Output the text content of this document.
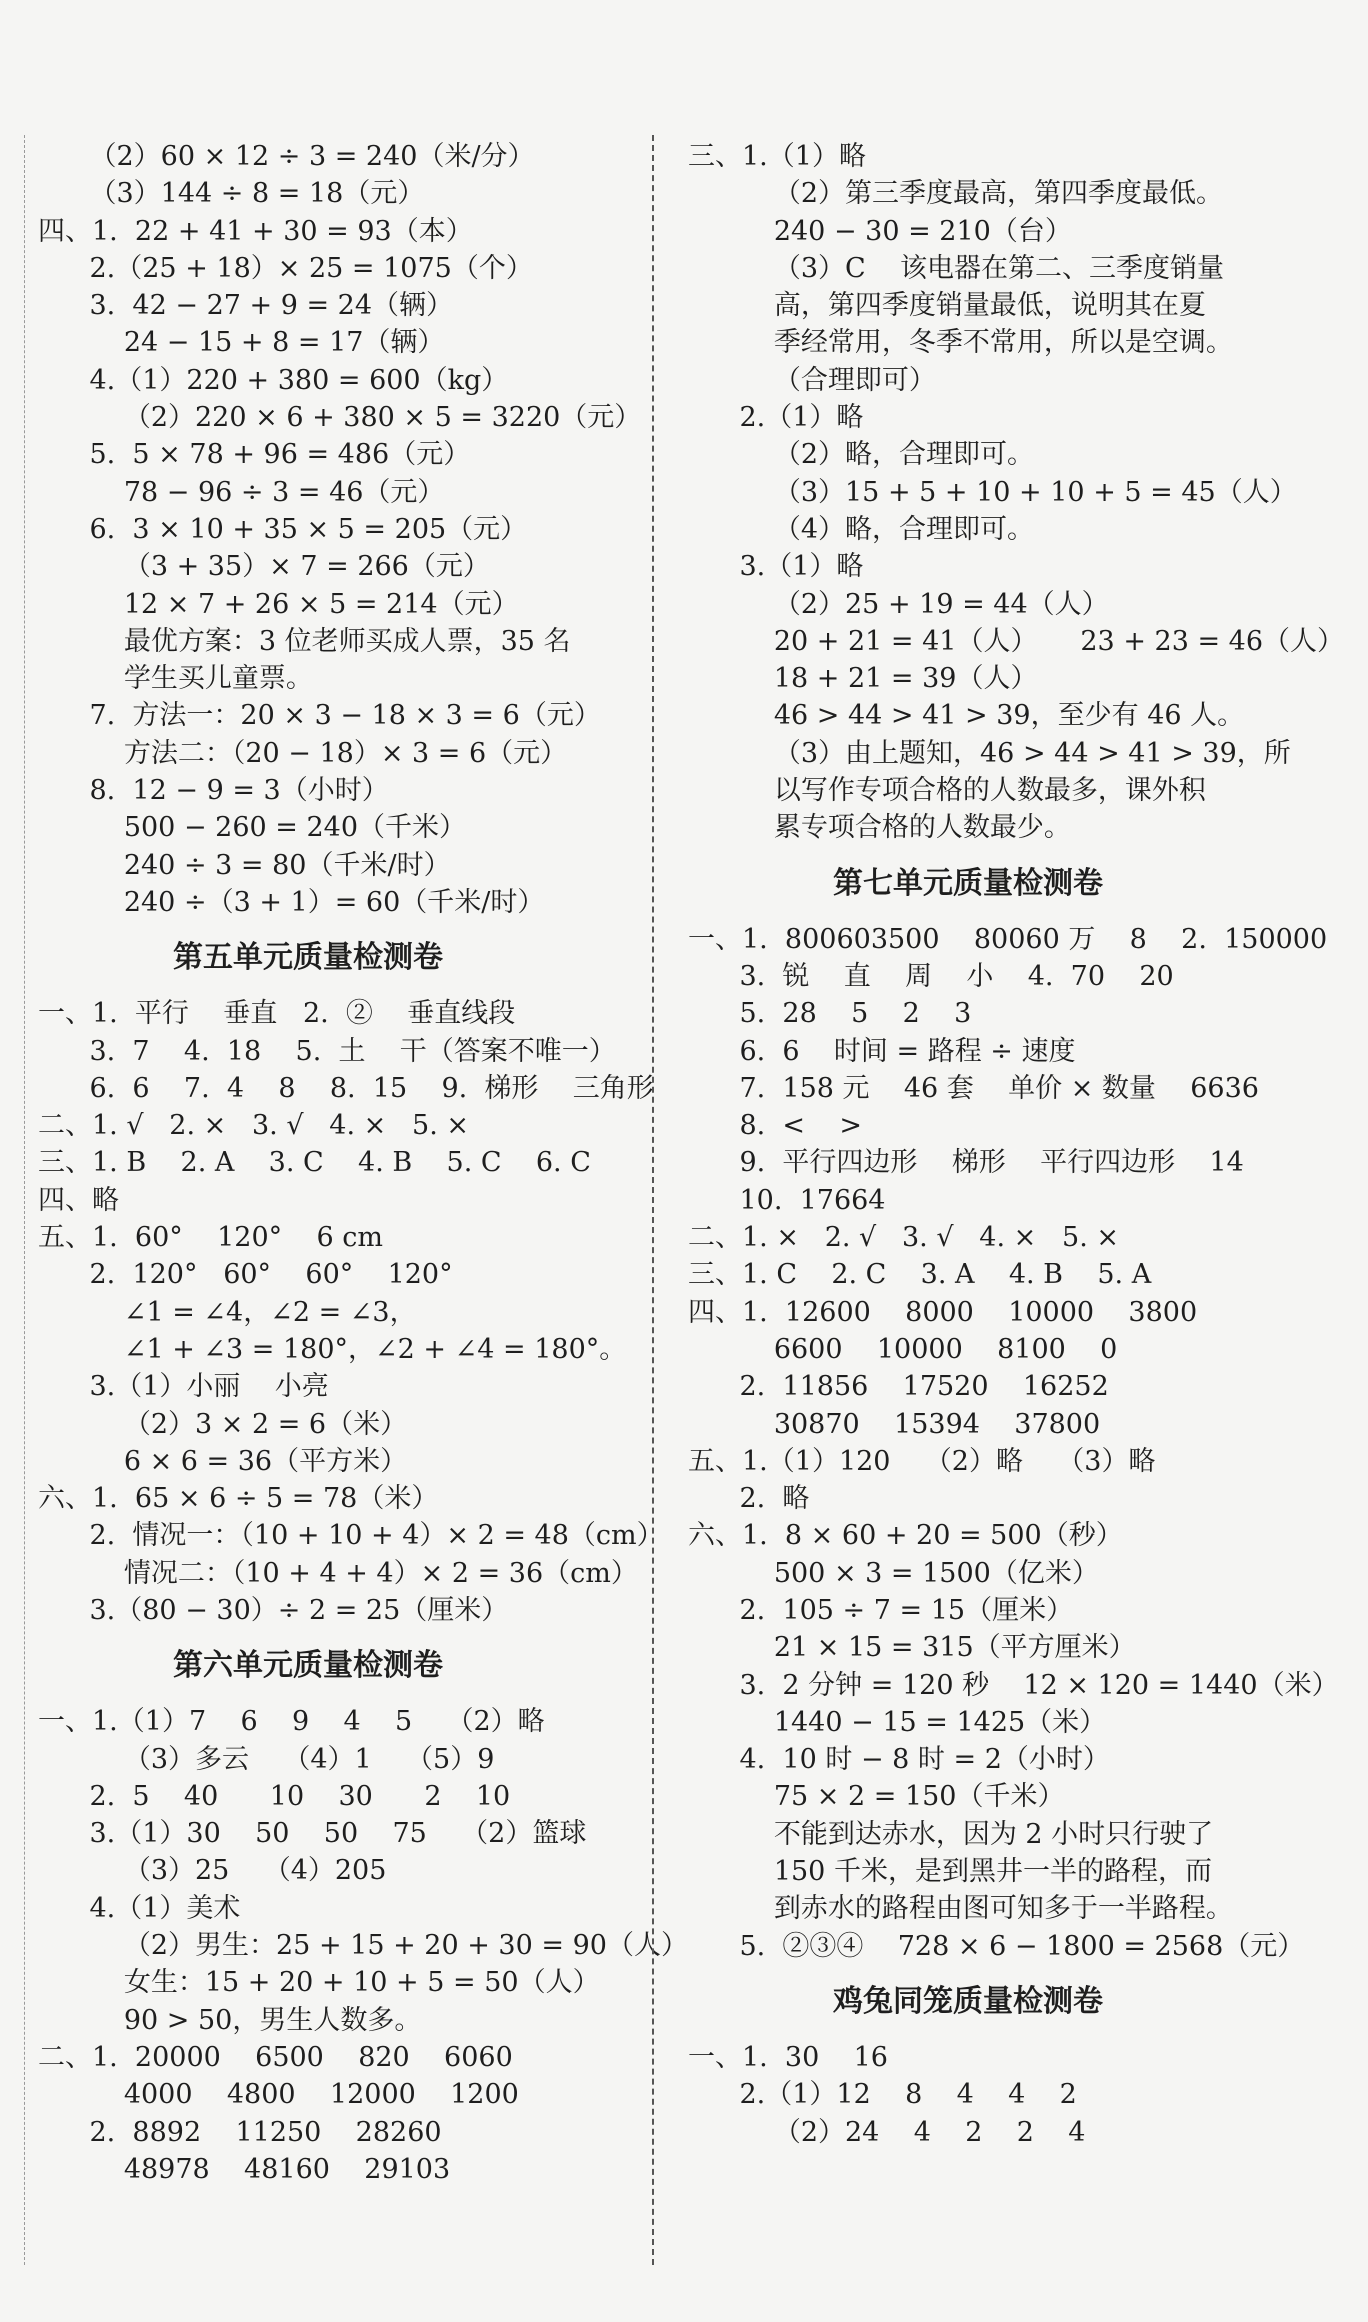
（2）60 × 12 ÷ 3 = 240（米/分）
（3）144 ÷ 8 = 18（元）
四、1.  22 + 41 + 30 = 93（本）
2.（25 + 18）× 25 = 1075（个）
3.  42 − 27 + 9 = 24（辆）
24 − 15 + 8 = 17（辆）
4.（1）220 + 380 = 600（kg）
（2）220 × 6 + 380 × 5 = 3220（元）
5.  5 × 78 + 96 = 486（元）
78 − 96 ÷ 3 = 46（元）
6.  3 × 10 + 35 × 5 = 205（元）
（3 + 35）× 7 = 266（元）
12 × 7 + 26 × 5 = 214（元）
最优方案：3 位老师买成人票，35 名
学生买儿童票。
7.  方法一：20 × 3 − 18 × 3 = 6（元）
方法二：（20 − 18）× 3 = 6（元）
8.  12 − 9 = 3（小时）
500 − 260 = 240（千米）
240 ÷ 3 = 80（千米/时）
240 ÷（3 + 1）= 60（千米/时）
第五单元质量检测卷
一、1.  平行    垂直   2.  ②    垂直线段
3.  7    4.  18    5.  土    干（答案不唯一）
6.  6    7.  4    8    8.  15    9.  梯形    三角形
二、1. √   2. ×   3. √   4. ×   5. ×
三、1. B    2. A    3. C    4. B    5. C    6. C
四、略
五、1.  60°    120°    6 cm
2.  120°   60°    60°    120°
∠1 = ∠4，∠2 = ∠3，
∠1 + ∠3 = 180°，∠2 + ∠4 = 180°。
3.（1）小丽    小亮
（2）3 × 2 = 6（米）
6 × 6 = 36（平方米）
六、1.  65 × 6 ÷ 5 = 78（米）
2.  情况一：（10 + 10 + 4）× 2 = 48（cm）
情况二：（10 + 4 + 4）× 2 = 36（cm）
3.（80 − 30）÷ 2 = 25（厘米）
第六单元质量检测卷
一、1.（1）7    6    9    4    5    （2）略
（3）多云    （4）1    （5）9
2.  5    40      10    30      2    10
3.（1）30    50    50    75    （2）篮球
（3）25    （4）205
4.（1）美术
（2）男生：25 + 15 + 20 + 30 = 90（人）
女生：15 + 20 + 10 + 5 = 50（人）
90 > 50，男生人数多。
二、1.  20000    6500    820    6060
4000    4800    12000    1200
2.  8892    11250    28260
48978    48160    29103
三、1.（1）略
（2）第三季度最高，第四季度最低。
240 − 30 = 210（台）
（3）C    该电器在第二、三季度销量
高，第四季度销量最低，说明其在夏
季经常用，冬季不常用，所以是空调。
（合理即可）
2.（1）略
（2）略，合理即可。
（3）15 + 5 + 10 + 10 + 5 = 45（人）
（4）略，合理即可。
3.（1）略
（2）25 + 19 = 44（人）
20 + 21 = 41（人）     23 + 23 = 46（人）
18 + 21 = 39（人）
46 > 44 > 41 > 39，至少有 46 人。
（3）由上题知，46 > 44 > 41 > 39，所
以写作专项合格的人数最多，课外积
累专项合格的人数最少。
第七单元质量检测卷
一、1.  800603500    80060 万    8    2.  150000
3.  锐    直    周    小    4.  70    20
5.  28    5    2    3
6.  6    时间 = 路程 ÷ 速度
7.  158 元    46 套    单价 × 数量    6636
8.  <    >
9.  平行四边形    梯形    平行四边形    14
10.  17664
二、1. ×   2. √   3. √   4. ×   5. ×
三、1. C    2. C    3. A    4. B    5. A
四、1.  12600    8000    10000    3800
6600    10000    8100    0
2.  11856    17520    16252
30870    15394    37800
五、1.（1）120    （2）略    （3）略
2.  略
六、1.  8 × 60 + 20 = 500（秒）
500 × 3 = 1500（亿米）
2.  105 ÷ 7 = 15（厘米）
21 × 15 = 315（平方厘米）
3.  2 分钟 = 120 秒    12 × 120 = 1440（米）
1440 − 15 = 1425（米）
4.  10 时 − 8 时 = 2（小时）
75 × 2 = 150（千米）
不能到达赤水，因为 2 小时只行驶了
150 千米，是到黑井一半的路程，而
到赤水的路程由图可知多于一半路程。
5.  ②③④    728 × 6 − 1800 = 2568（元）
鸡兔同笼质量检测卷
一、1.  30    16
2.（1）12    8    4    4    2
（2）24    4    2    2    4
